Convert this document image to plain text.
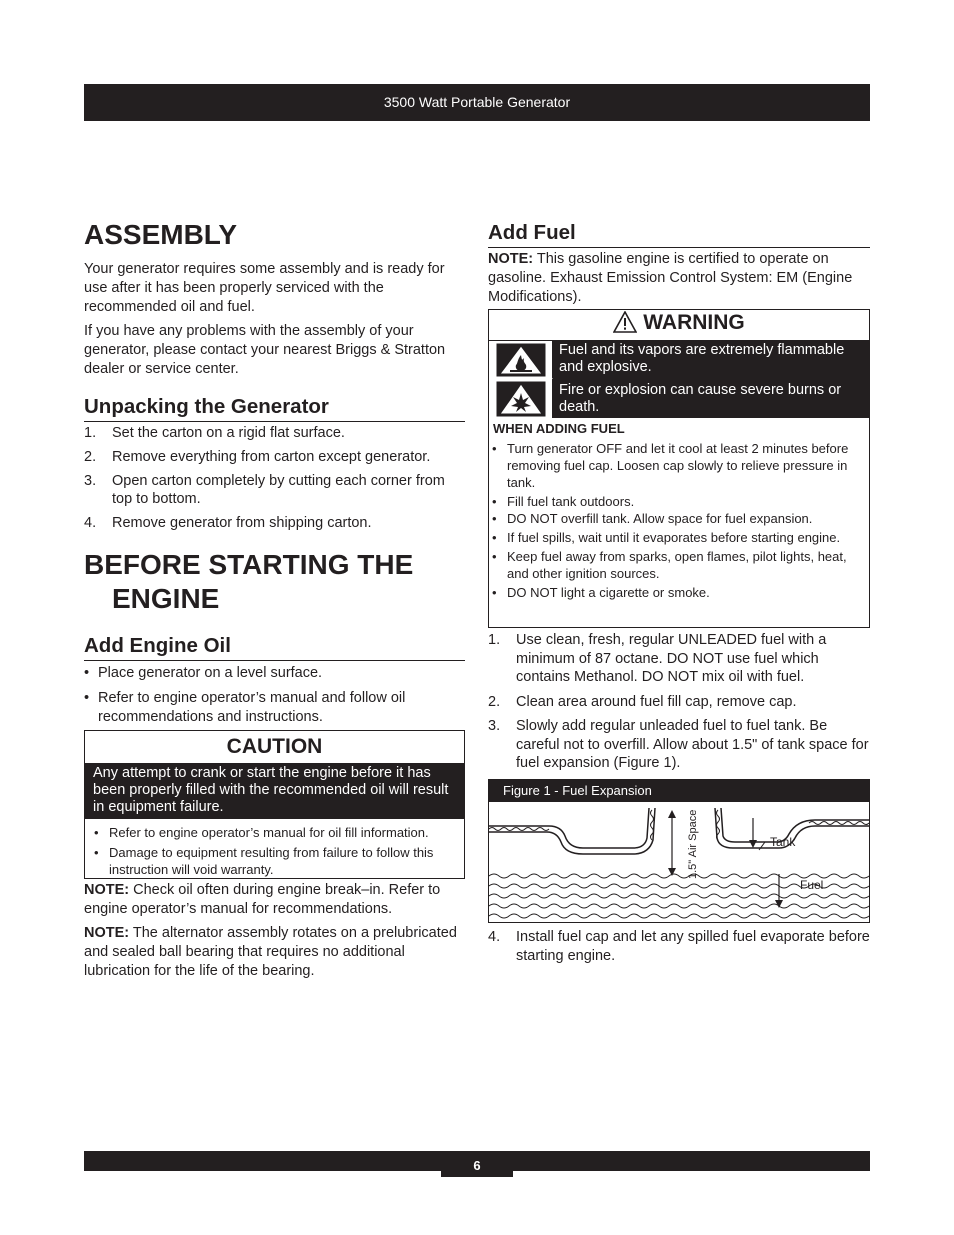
3500 Watt Portable Generator
ASSEMBLY

Your generator requires some assembly and is ready for use after it has been properly serviced with the recommended oil and fuel.

If you have any problems with the assembly of your generator, please contact your nearest Briggs & Stratton dealer or service center.

Unpacking the Generator
1. Set the carton on a rigid flat surface.
2. Remove everything from carton except generator.
3. Open carton completely by cutting each corner from top to bottom.
4. Remove generator from shipping carton.
BEFORE STARTING THE
ENGINE
Add Engine Oil
• Place generator on a level surface.
• Refer to engine operator’s manual and follow oil recommendations and instructions.
CAUTION
Any attempt to crank or start the engine before it has been properly filled with the recommended oil will result in equipment failure.
• Refer to engine operator’s manual for oil fill information.
• Damage to equipment resulting from failure to follow this instruction will void warranty.

NOTE: Check oil often during engine break–in. Refer to engine operator’s manual for recommendations.

NOTE: The alternator assembly rotates on a prelubricated and sealed ball bearing that requires no additional lubrication for the life of the bearing.

Add Fuel

NOTE: This gasoline engine is certified to operate on gasoline. Exhaust Emission Control System: EM (Engine Modifications).

WARNING
Fuel and its vapors are extremely flammable and explosive.
Fire or explosion can cause severe burns or death.
WHEN ADDING FUEL
• Turn generator OFF and let it cool at least 2 minutes before removing fuel cap. Loosen cap slowly to relieve pressure in tank.
• Fill fuel tank outdoors.
• DO NOT overfill tank. Allow space for fuel expansion.
• If fuel spills, wait until it evaporates before starting engine.
• Keep fuel away from sparks, open flames, pilot lights, heat, and other ignition sources.
• DO NOT light a cigarette or smoke.
1. Use clean, fresh, regular UNLEADED fuel with a minimum of 87 octane. DO NOT use fuel which contains Methanol. DO NOT mix oil with fuel.
2. Clean area around fuel fill cap, remove cap.
3. Slowly add regular unleaded fuel to fuel tank. Be careful not to overfill. Allow about 1.5" of tank space for fuel expansion (Figure 1).
Figure 1 - Fuel Expansion
1.5" Air Space	Tank
Fuel
4. Install fuel cap and let any spilled fuel evaporate before starting engine.
6
